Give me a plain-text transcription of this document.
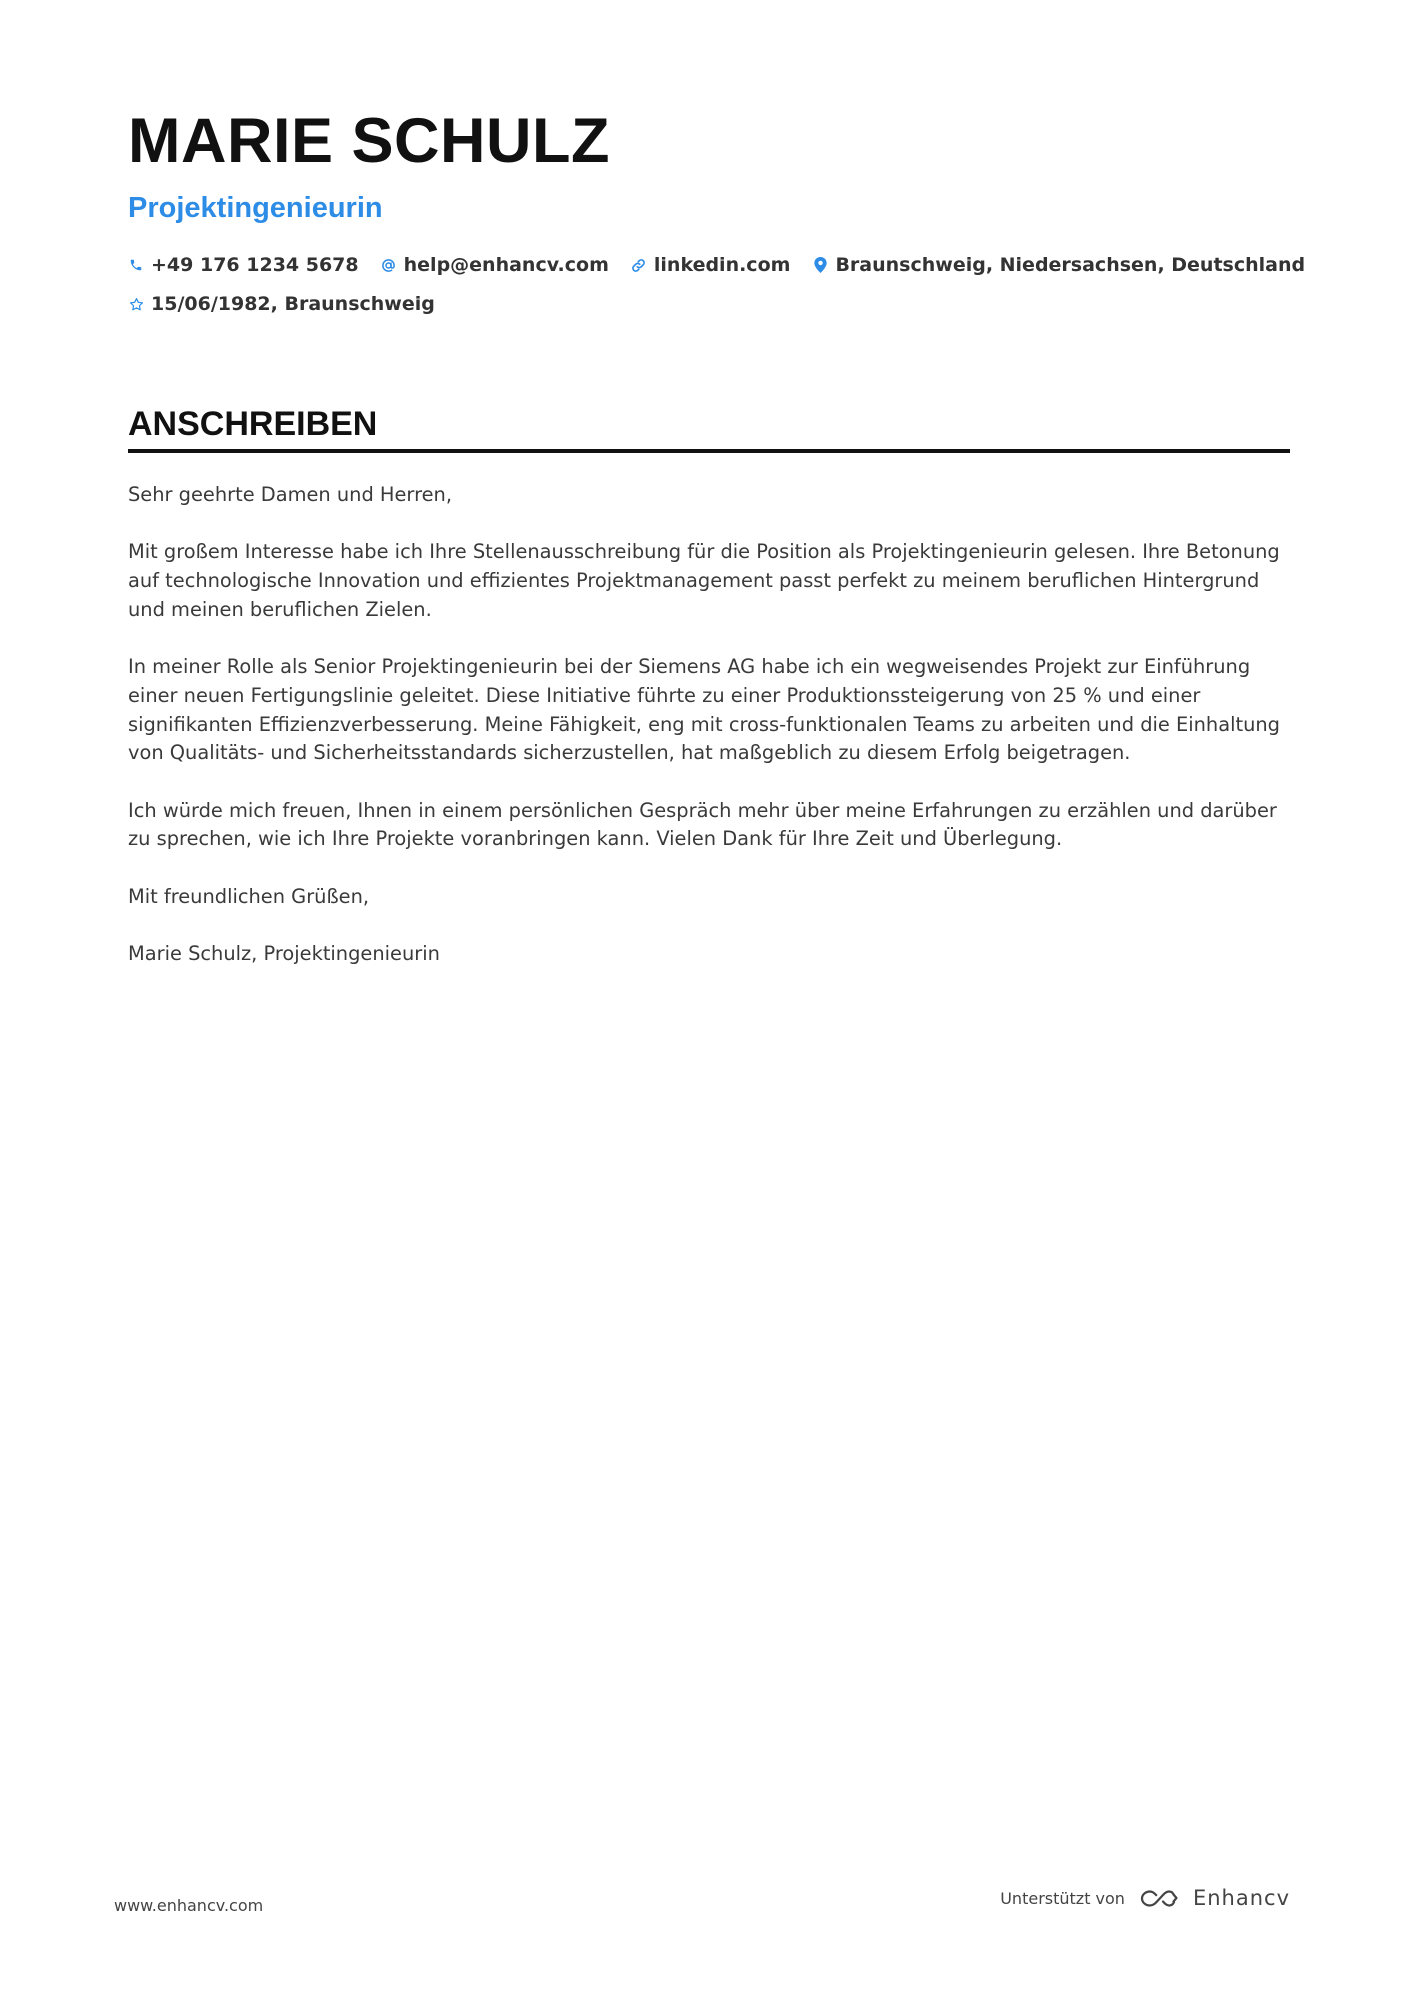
MARIE SCHULZ
Projektingenieurin
+49 176 1234 5678 help@enhancv.com linkedin.com Braunschweig, Niedersachsen, Deutschland
15/06/1982, Braunschweig
ANSCHREIBEN

Sehr geehrte Damen und Herren,

Mit großem Interesse habe ich Ihre Stellenausschreibung für die Position als Projektingenieurin gelesen. Ihre Betonung auf technologische Innovation und effizientes Projektmanagement passt perfekt zu meinem beruflichen Hintergrund und meinen beruflichen Zielen.

In meiner Rolle als Senior Projektingenieurin bei der Siemens AG habe ich ein wegweisendes Projekt zur Einführung einer neuen Fertigungslinie geleitet. Diese Initiative führte zu einer Produktionssteigerung von 25 % und einer signifikanten Effizienzverbesserung. Meine Fähigkeit, eng mit cross-funktionalen Teams zu arbeiten und die Einhaltung von Qualitäts- und Sicherheitsstandards sicherzustellen, hat maßgeblich zu diesem Erfolg beigetragen.

Ich würde mich freuen, Ihnen in einem persönlichen Gespräch mehr über meine Erfahrungen zu erzählen und darüber zu sprechen, wie ich Ihre Projekte voranbringen kann. Vielen Dank für Ihre Zeit und Überlegung.

Mit freundlichen Grüßen,

Marie Schulz, Projektingenieurin

www.enhancv.com	Unterstützt von	Enhancv
